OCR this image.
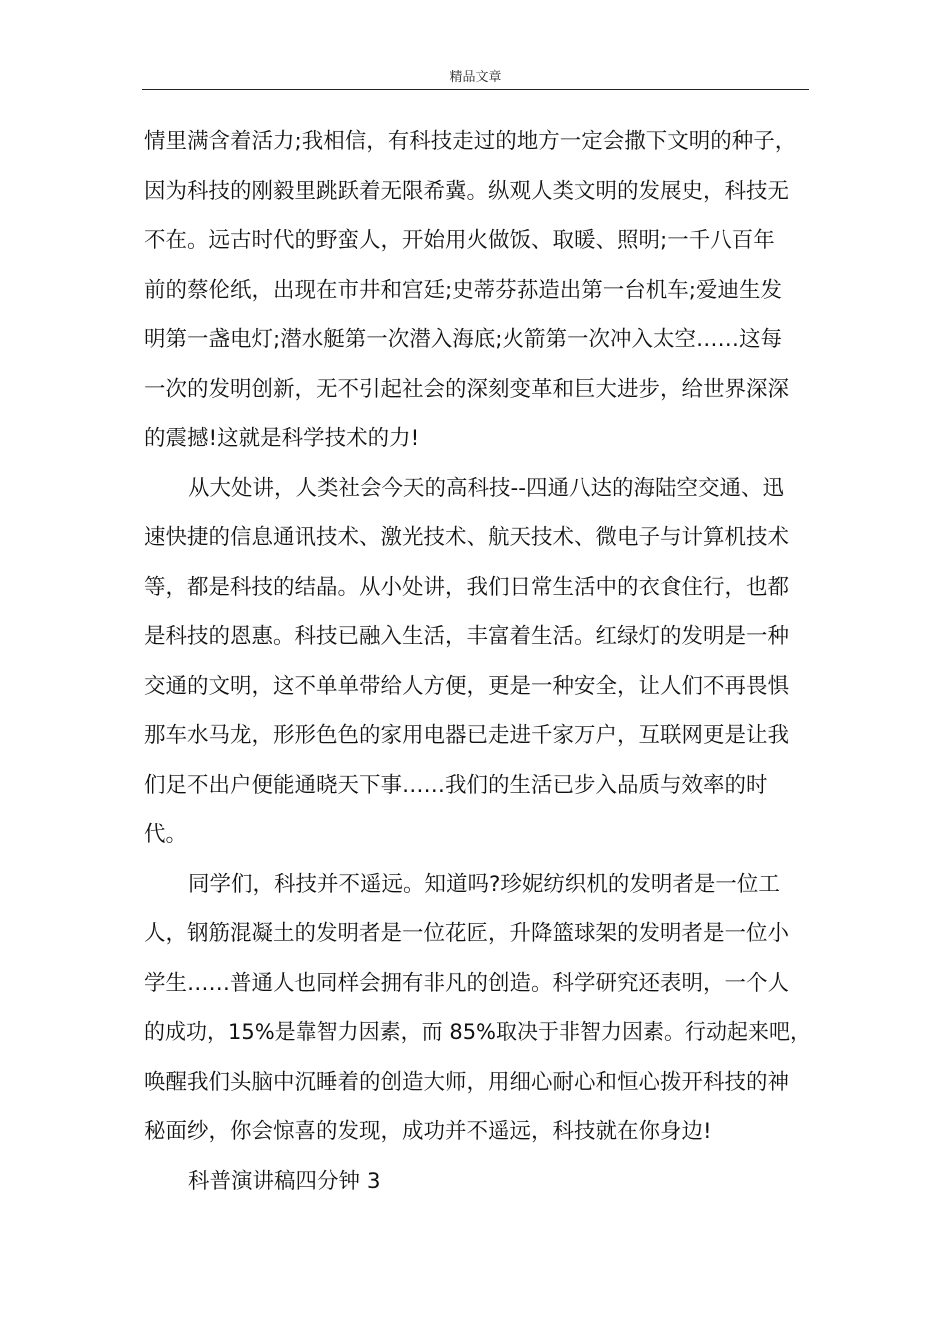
精品文章
情里满含着活力;我相信，有科技走过的地方一定会撒下文明的种子，
因为科技的刚毅里跳跃着无限希冀。纵观人类文明的发展史，科技无
不在。远古时代的野蛮人，开始用火做饭、取暖、照明;一千八百年
前的蔡伦纸，出现在市井和宫廷;史蒂芬荪造出第一台机车;爱迪生发
明第一盏电灯;潜水艇第一次潜入海底;火箭第一次冲入太空……这每
一次的发明创新，无不引起社会的深刻变革和巨大进步，给世界深深
的震撼!这就是科学技术的力!
从大处讲，人类社会今天的高科技--四通八达的海陆空交通、迅
速快捷的信息通讯技术、激光技术、航天技术、微电子与计算机技术
等，都是科技的结晶。从小处讲，我们日常生活中的衣食住行，也都
是科技的恩惠。科技已融入生活，丰富着生活。红绿灯的发明是一种
交通的文明，这不单单带给人方便，更是一种安全，让人们不再畏惧
那车水马龙，形形色色的家用电器已走进千家万户，互联网更是让我
们足不出户便能通晓天下事……我们的生活已步入品质与效率的时
代。
同学们，科技并不遥远。知道吗?珍妮纺织机的发明者是一位工
人，钢筋混凝土的发明者是一位花匠，升降篮球架的发明者是一位小
学生……普通人也同样会拥有非凡的创造。科学研究还表明，一个人
的成功，15%是靠智力因素，而 85%取决于非智力因素。行动起来吧，
唤醒我们头脑中沉睡着的创造大师，用细心耐心和恒心拨开科技的神
秘面纱，你会惊喜的发现，成功并不遥远，科技就在你身边!
科普演讲稿四分钟 3
